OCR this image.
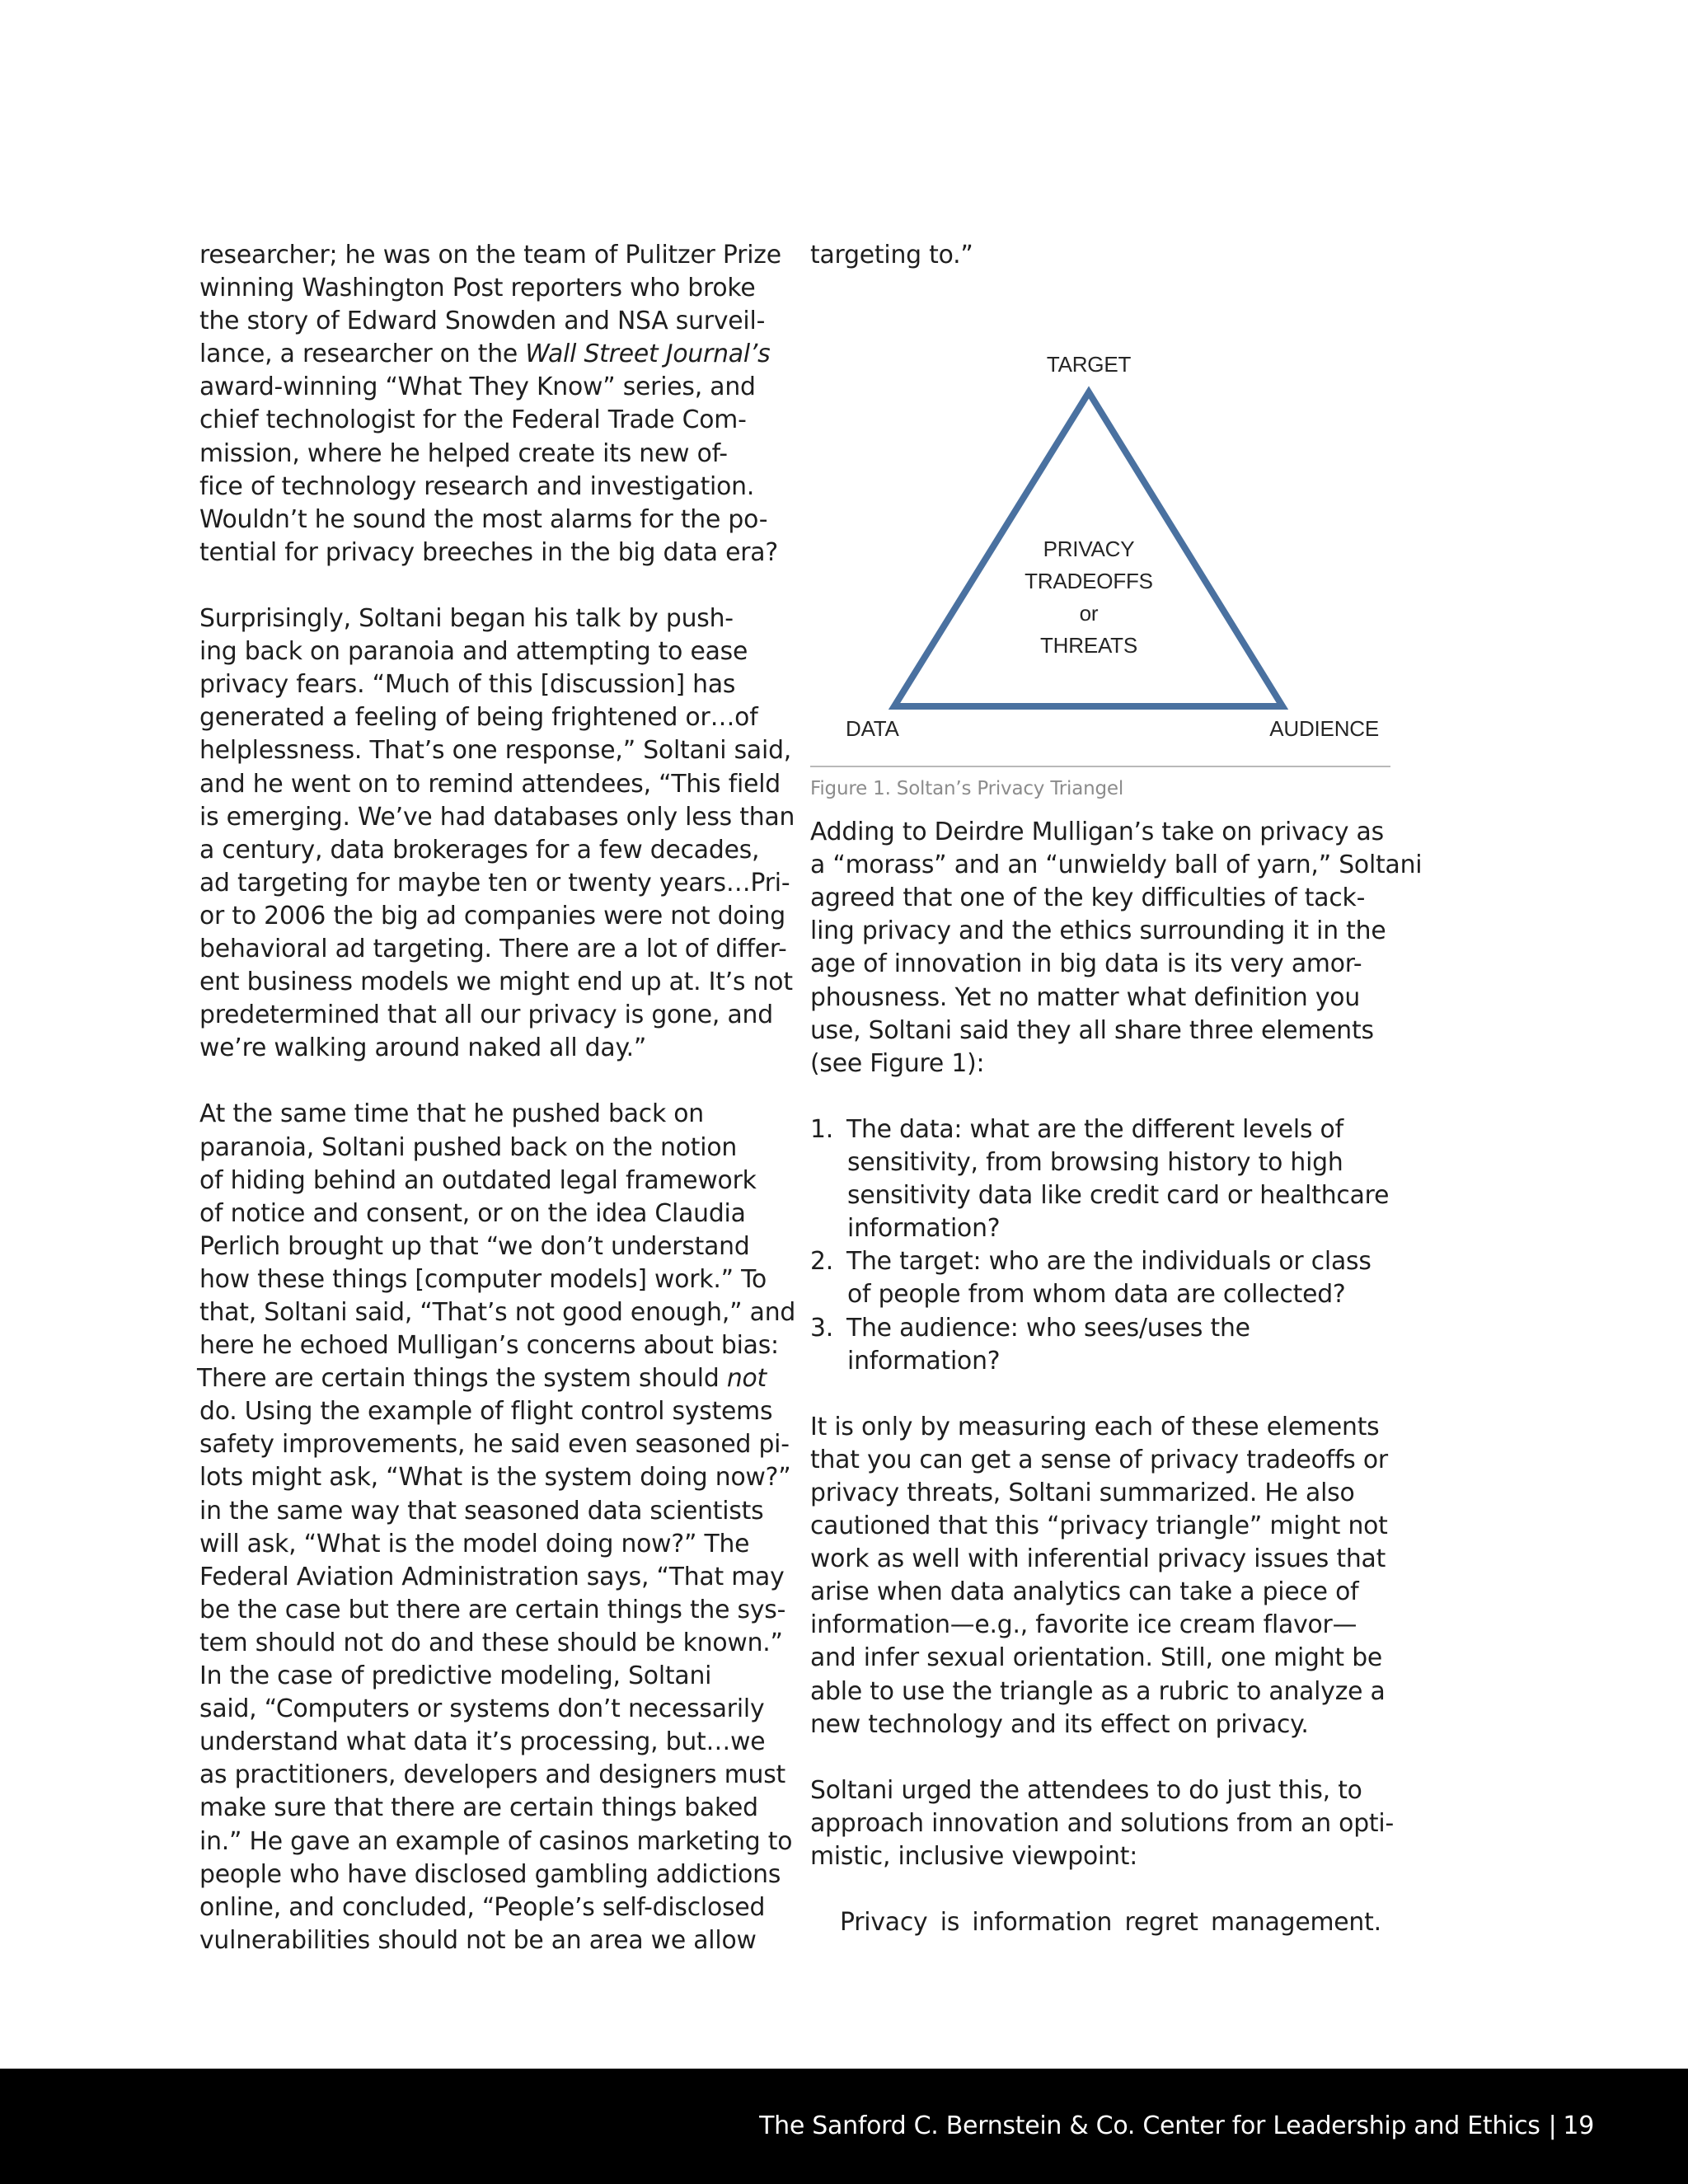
researcher; he was on the team of Pulitzer Prize
winning Washington Post reporters who broke
the story of Edward Snowden and NSA surveil-
lance, a researcher on the Wall Street Journal’s
award-winning “What They Know” series, and
chief technologist for the Federal Trade Com-
mission, where he helped create its new of-
fice of technology research and investigation.
Wouldn’t he sound the most alarms for the po-
tential for privacy breeches in the big data era?
Surprisingly, Soltani began his talk by push-
ing back on paranoia and attempting to ease
privacy fears. “Much of this [discussion] has
generated a feeling of being frightened or…of
helplessness. That’s one response,” Soltani said,
and he went on to remind attendees, “This field
is emerging. We’ve had databases only less than
a century, data brokerages for a few decades,
ad targeting for maybe ten or twenty years…Pri-
or to 2006 the big ad companies were not doing
behavioral ad targeting. There are a lot of differ-
ent business models we might end up at. It’s not
predetermined that all our privacy is gone, and
we’re walking around naked all day.”
At the same time that he pushed back on
paranoia, Soltani pushed back on the notion
of hiding behind an outdated legal framework
of notice and consent, or on the idea Claudia
Perlich brought up that “we don’t understand
how these things [computer models] work.” To
that, Soltani said, “That’s not good enough,” and
here he echoed Mulligan’s concerns about bias:
There are certain things the system should not
do. Using the example of flight control systems
safety improvements, he said even seasoned pi-
lots might ask, “What is the system doing now?”
in the same way that seasoned data scientists
will ask, “What is the model doing now?” The
Federal Aviation Administration says, “That may
be the case but there are certain things the sys-
tem should not do and these should be known.”
In the case of predictive modeling, Soltani
said, “Computers or systems don’t necessarily
understand what data it’s processing, but…we
as practitioners, developers and designers must
make sure that there are certain things baked
in.” He gave an example of casinos marketing to
people who have disclosed gambling addictions
online, and concluded, “People’s self-disclosed
vulnerabilities should not be an area we allow
targeting to.”
TARGET
DATA	AUDIENCE
PRIVACY
TRADEOFFS
or
THREATS
Figure 1. Soltan’s Privacy Triangel
Adding to Deirdre Mulligan’s take on privacy as
a “morass” and an “unwieldy ball of yarn,” Soltani
agreed that one of the key difficulties of tack-
ling privacy and the ethics surrounding it in the
age of innovation in big data is its very amor-
phousness. Yet no matter what definition you
use, Soltani said they all share three elements
(see Figure 1):
1. The data: what are the different levels of
sensitivity, from browsing history to high
sensitivity data like credit card or healthcare
information?
2. The target: who are the individuals or class
of people from whom data are collected?
3. The audience: who sees/uses the
information?
It is only by measuring each of these elements
that you can get a sense of privacy tradeoffs or
privacy threats, Soltani summarized. He also
cautioned that this “privacy triangle” might not
work as well with inferential privacy issues that
arise when data analytics can take a piece of
information—e.g., favorite ice cream flavor—
and infer sexual orientation. Still, one might be
able to use the triangle as a rubric to analyze a
new technology and its effect on privacy.
Soltani urged the attendees to do just this, to
approach innovation and solutions from an opti-
mistic, inclusive viewpoint:
Privacy is information regret management.
The Sanford C. Bernstein & Co. Center for Leadership and Ethics | 19
